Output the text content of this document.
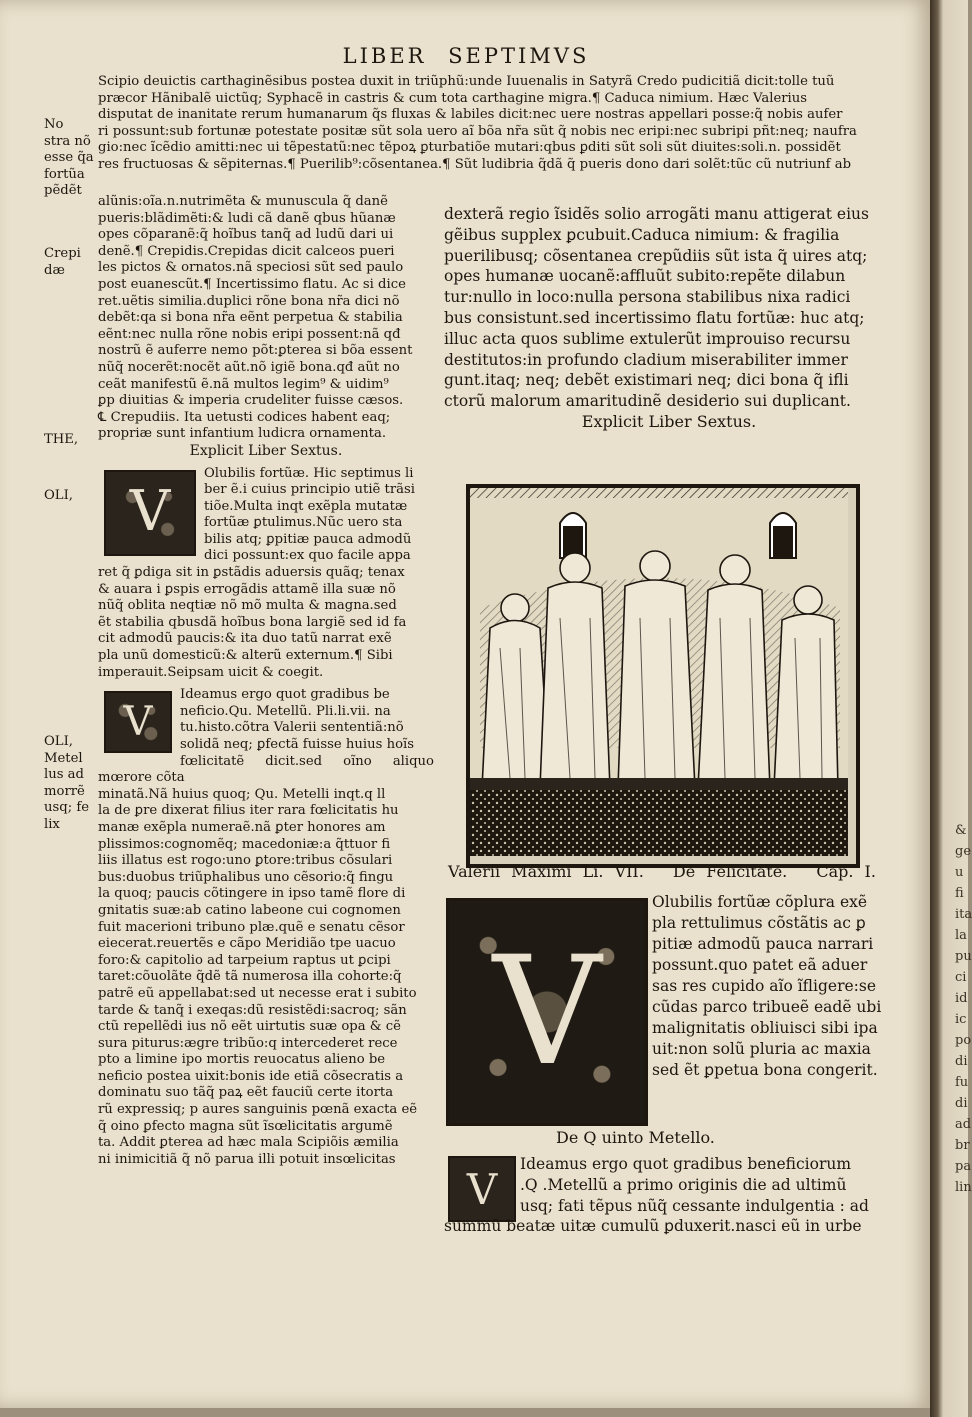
LIBER SEPTIMVS

Scipio deuictis carthaginẽsibus postea duxit in triũphũ:unde Iuuenalis in Satyrã Credo pudicitiã dicit:tolle tuũ

præcor Hãnibalẽ uictũq; Syphacẽ in castris & cum tota carthagine migra.¶ Caduca nimium. Hæc Valerius

disputat de inanitate rerum humanarum q̃s fluxas & labiles dicit:nec uere nostras appellari posse:q̃ nobis aufer

ri possunt:sub fortunæ potestate positæ sũt sola uero aĩ bõa nr̃a sũt q̃ nobis nec eripi:nec subripi pñt:neq; naufra

gio:nec ĩcẽdio amitti:nec ui tẽpestatũ:nec tẽpoꝝ ꝑturbatiõe mutari:qbus ꝑditi sũt soli sũt diuites:soli.n. possidẽt

res fructuosas & sẽpiternas.¶ Puerilib⁹:cõsentanea.¶ Sũt ludibria q̃dã q̃ pueris dono dari solẽt:tũc cũ nutriunf ab

alũnis:oĩa.n.nutrimẽta & munuscula q̃ danẽ

pueris:blãdimẽti:& ludi cã danẽ qbus hũanæ

opes cõparanẽ:q̃ hoĩbus tanq̃ ad ludũ dari ui

denẽ.¶ Crepidis.Crepidas dicit calceos pueri

les pictos & ornatos.nã speciosi sũt sed paulo

post euanescũt.¶ Incertissimo flatu. Ac si dice

ret.uẽtis similia.duplici rõne bona nr̃a dici nõ

debẽt:qa si bona nr̃a eẽnt perpetua & stabilia

eẽnt:nec nulla rõne nobis eripi possent:nã qđ

nostrũ ẽ auferre nemo põt:ꝑterea si bõa essent

nũq̃ nocerẽt:nocẽt aũt.nõ igiẽ bona.qđ aũt no

ceãt manifestũ ẽ.nã multos legim⁹ & uidim⁹

ꝑp diuitias & imperia crudeliter fuisse cæsos.

℄ Crepudiis. Ita uetusti codices habent eaq;

propriæ sunt infantium ludicra ornamenta.

Explicit Liber Sextus.

V

Olubilis fortũæ. Hic septimus li

ber ẽ.i cuius principio utiẽ trãsi

tiõe.Multa inqt exẽpla mutatæ

fortũæ ꝑtulimus.Nũc uero sta

bilis atq; ꝑpitiæ pauca admodũ

dici possunt:ex quo facile appa

ret q̃ ꝑdiga sit in ꝑstãdis aduersis quãq; tenax

& auara i ꝑspis errogãdis attamẽ illa suæ nõ

nũq̃ oblita neqtiæ nõ mõ multa & magna.sed

ẽt stabilia qbusdã hoĩbus bona largiẽ sed id fa

cit admodũ paucis:& ita duo tatũ narrat exẽ

pla unũ domesticũ:& alterũ externum.¶ Sibi

imperauit.Seipsam uicit & coegit.

V

Ideamus ergo quot gradibus be

neficio.Qu. Metellũ. Pli.li.vii. na

tu.histo.cõtra Valerii sententiã:nõ

solidã neq; ꝑfectã fuisse huius hoĩs

fœlicitatẽ dicit.sed oĩno aliquo mœrore cõta

minatã.Nã huius quoq; Qu. Metelli inqt.q ll

la de ꝑre dixerat filius iter rara fœlicitatis hu

manæ exẽpla numeraẽ.nã ꝑter honores am

plissimos:cognomẽq; macedoniæ:a q̃ttuor fi

liis illatus est rogo:uno ꝑtore:tribus cõsulari

bus:duobus triũphalibus uno cẽsorio:q̃ fingu

la quoq; paucis cõtingere in ipso tamẽ flore di

gnitatis suæ:ab catino labeone cui cognomen

fuit macerioni tribuno plæ.quẽ e senatu cẽsor

eiecerat.reuertẽs e cãpo Meridião tpe uacuo

foro:& capitolio ad tarpeium raptus ut ꝑcipi

taret:cõuolãte q̃dẽ tã numerosa illa cohorte:q̃

patrẽ eũ appellabat:sed ut necesse erat i subito

tarde & tanq̃ i exeqas:dũ resistẽdi:sacroq; sãn

ctũ repellẽdi ius nõ eẽt uirtutis suæ opa & cẽ

sura piturus:ægre tribũo:q intercederet rece

pto a limine ipo mortis reuocatus alieno be

neficio postea uixit:bonis ide etiã cõsecratis a

dominatu suo tãq̃ paꝝ eẽt fauciũ certe itorta

rũ expressiq; p aures sanguinis pœnã exacta eẽ

q̃ oino ꝑfecto magna sũt ĩsœlicitatis argumẽ

ta. Addit ꝑterea ad hæc mala Scipiõis æmilia

ni inimicitiã q̃ nõ parua illi potuit insœlicitas

No
stra nõ
esse q̃a
fortũa
pẽdẽt
Crepi
dæ
THE,
OLI,
OLI,
Metel
lus ad
morrẽ
usq; fe
lix

dexterã regio ĩsidẽs solio arrogãti manu attigerat eius

gẽibus supplex ꝑcubuit.Caduca nimium: & fragilia

puerilibusq; cõsentanea crepũdiis sũt ista q̃ uires atq;

opes humanæ uocanẽ:affluũt subito:repẽte dilabun

tur:nullo in loco:nulla persona stabilibus nixa radici

bus consistunt.sed incertissimo flatu fortũæ: huc atq;

illuc acta quos sublime extulerũt improuiso recursu

destitutos:in profundo cladium miserabiliter immer

gunt.itaq; neq; debẽt existimari neq; dici bona q̃ ifli

ctorũ malorum amaritudinẽ desiderio sui duplicant.

Explicit Liber Sextus.

Valerii Maximi Li. VII. De Felicitate. Cap. I.
V

Olubilis fortũæ cõplura exẽ

pla rettulimus cõstãtis ac ꝑ

pitiæ admodũ pauca narrari

possunt.quo patet eã aduer

sas res cupido aĩo ĩfligere:se

cũdas parco tribueẽ eadẽ ubi

malignitatis obliuisci sibi ipa

uit:non solũ pluria ac maxia

sed ẽt ꝑpetua bona congerit.

De Q uinto Metello.
V
Ideamus ergo quot gradibus beneficiorum
.Q .Metellũ a primo originis die ad ultimũ
usq; fati tẽpus nũq̃ cessante indulgentia : ad
summũ beatæ uitæ cumulũ ꝑduxerit.nasci eũ in urbe
&
ge
u
fi
ita
la
pu
ci
id
ic
po
di
fu
di
ad
br
pa
lin
